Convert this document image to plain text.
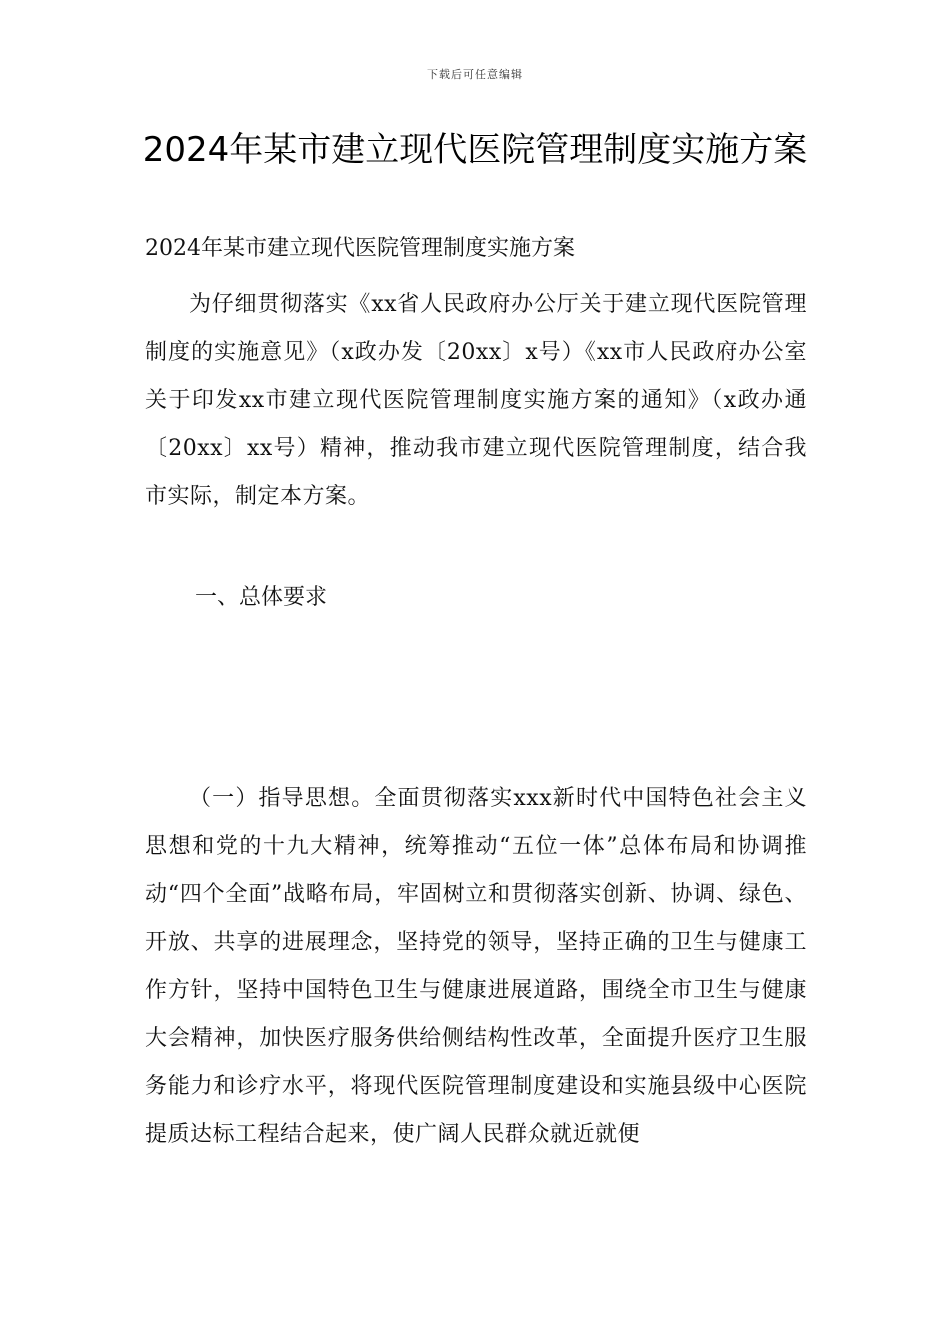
下载后可任意编辑
2024年某市建立现代医院管理制度实施方案

2024年某市建立现代医院管理制度实施方案

为仔细贯彻落实《xx省人民政府办公厅关于建立现代医院管理制度的实施意见》（x政办发〔20xx〕x号）《xx市人民政府办公室关于印发xx市建立现代医院管理制度实施方案的通知》（x政办通〔20xx〕xx号）精神，推动我市建立现代医院管理制度，结合我市实际，制定本方案。

一、总体要求

（一）指导思想。全面贯彻落实xxx新时代中国特色社会主义思想和党的十九大精神，统筹推动“五位一体”总体布局和协调推动“四个全面”战略布局，牢固树立和贯彻落实创新、协调、绿色、开放、共享的进展理念，坚持党的领导，坚持正确的卫生与健康工作方针，坚持中国特色卫生与健康进展道路，围绕全市卫生与健康大会精神，加快医疗服务供给侧结构性改革，全面提升医疗卫生服务能力和诊疗水平，将现代医院管理制度建设和实施县级中心医院提质达标工程结合起来，使广阔人民群众就近就便
